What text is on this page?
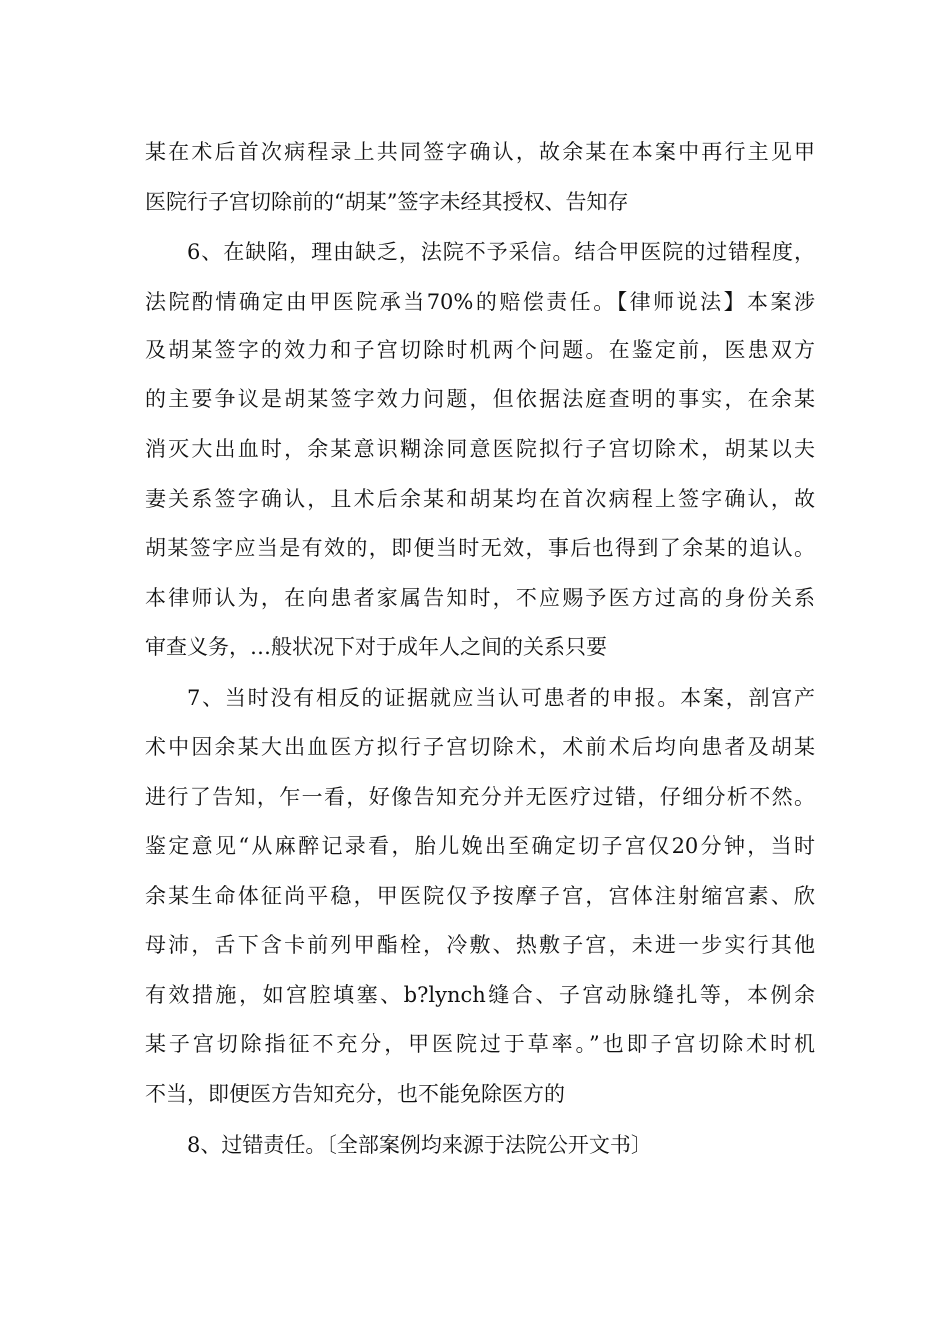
某在术后首次病程录上共同签字确认，故余某在本案中再行主见甲
医院行子宫切除前的“胡某”签字未经其授权、告知存
6、在缺陷，理由缺乏，法院不予采信。结合甲医院的过错程度，
法院酌情确定由甲医院承当70%的赔偿责任。【律师说法】本案涉
及胡某签字的效力和子宫切除时机两个问题。在鉴定前，医患双方
的主要争议是胡某签字效力问题，但依据法庭查明的事实，在余某
消灭大出血时，余某意识糊涂同意医院拟行子宫切除术，胡某以夫
妻关系签字确认，且术后余某和胡某均在首次病程上签字确认，故
胡某签字应当是有效的，即便当时无效，事后也得到了余某的追认。
本律师认为，在向患者家属告知时，不应赐予医方过高的身份关系
审查义务，…般状况下对于成年人之间的关系只要
7、当时没有相反的证据就应当认可患者的申报。本案，剖宫产
术中因余某大出血医方拟行子宫切除术，术前术后均向患者及胡某
进行了告知，乍一看，好像告知充分并无医疗过错，仔细分析不然。
鉴定意见“从麻醉记录看，胎儿娩出至确定切子宫仅20分钟，当时
余某生命体征尚平稳，甲医院仅予按摩子宫，宫体注射缩宫素、欣
母沛，舌下含卡前列甲酯栓，冷敷、热敷子宫，未进一步实行其他
有效措施，如宫腔填塞、b?lynch缝合、子宫动脉缝扎等，本例余
某子宫切除指征不充分，甲医院过于草率。”也即子宫切除术时机
不当，即便医方告知充分，也不能免除医方的
8、过错责任。〔全部案例均来源于法院公开文书〕
